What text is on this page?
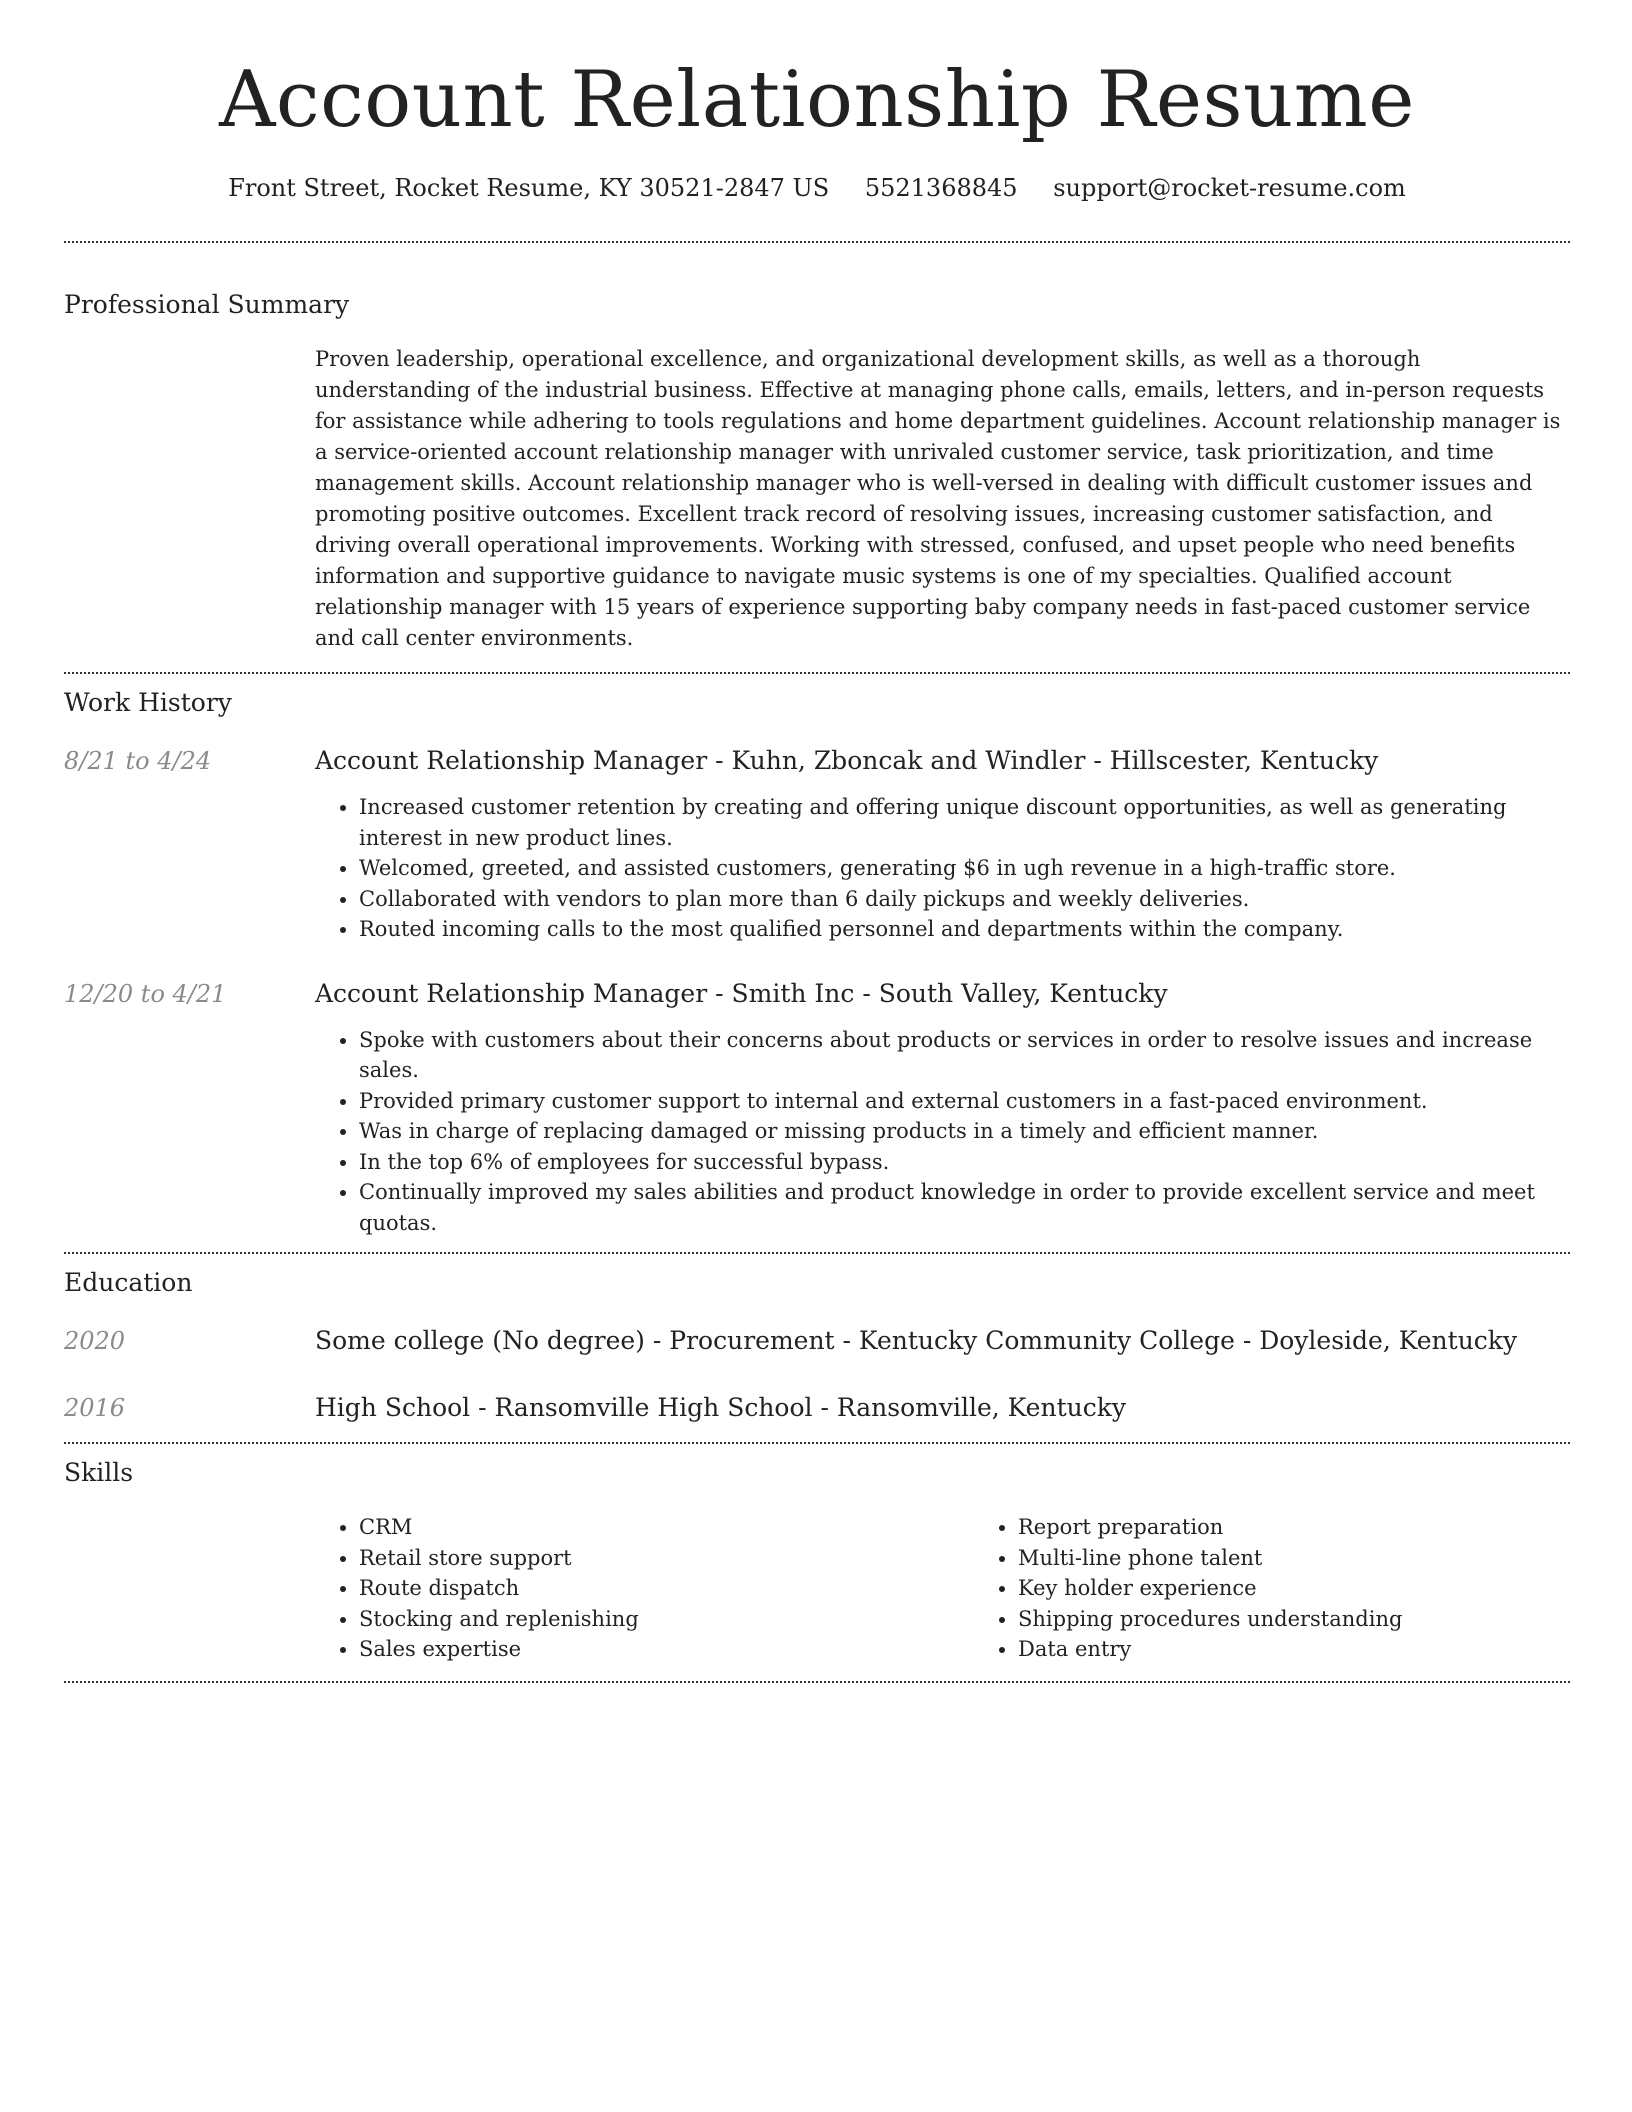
Account Relationship Resume
Front Street, Rocket Resume, KY 30521-2847 US 5521368845 support@rocket-resume.com
Professional Summary

Proven leadership, operational excellence, and organizational development skills, as well as a thorough understanding of the industrial business. Effective at managing phone calls, emails, letters, and in-person requests for assistance while adhering to tools regulations and home department guidelines. Account relationship manager is a service-oriented account relationship manager with unrivaled customer service, task prioritization, and time management skills. Account relationship manager who is well-versed in dealing with difficult customer issues and promoting positive outcomes. Excellent track record of resolving issues, increasing customer satisfaction, and driving overall operational improvements. Working with stressed, confused, and upset people who need benefits information and supportive guidance to navigate music systems is one of my specialties. Qualified account relationship manager with 15 years of experience supporting baby company needs in fast-paced customer service and call center environments.

Work History
8/21 to 4/24	Account Relationship Manager - Kuhn, Zboncak and Windler - Hillscester, Kentucky
• Increased customer retention by creating and offering unique discount opportunities, as well as generating interest in new product lines.
• Welcomed, greeted, and assisted customers, generating $6 in ugh revenue in a high-traffic store.
• Collaborated with vendors to plan more than 6 daily pickups and weekly deliveries.
• Routed incoming calls to the most qualified personnel and departments within the company.
12/20 to 4/21	Account Relationship Manager - Smith Inc - South Valley, Kentucky
• Spoke with customers about their concerns about products or services in order to resolve issues and increase sales.
• Provided primary customer support to internal and external customers in a fast-paced environment.
• Was in charge of replacing damaged or missing products in a timely and efficient manner.
• In the top 6% of employees for successful bypass.
• Continually improved my sales abilities and product knowledge in order to provide excellent service and meet quotas.
Education
2020	Some college (No degree) - Procurement - Kentucky Community College - Doyleside, Kentucky
2016	High School - Ransomville High School - Ransomville, Kentucky
Skills
• CRM
• Retail store support
• Route dispatch
• Stocking and replenishing
• Sales expertise
• Report preparation
• Multi-line phone talent
• Key holder experience
• Shipping procedures understanding
• Data entry
